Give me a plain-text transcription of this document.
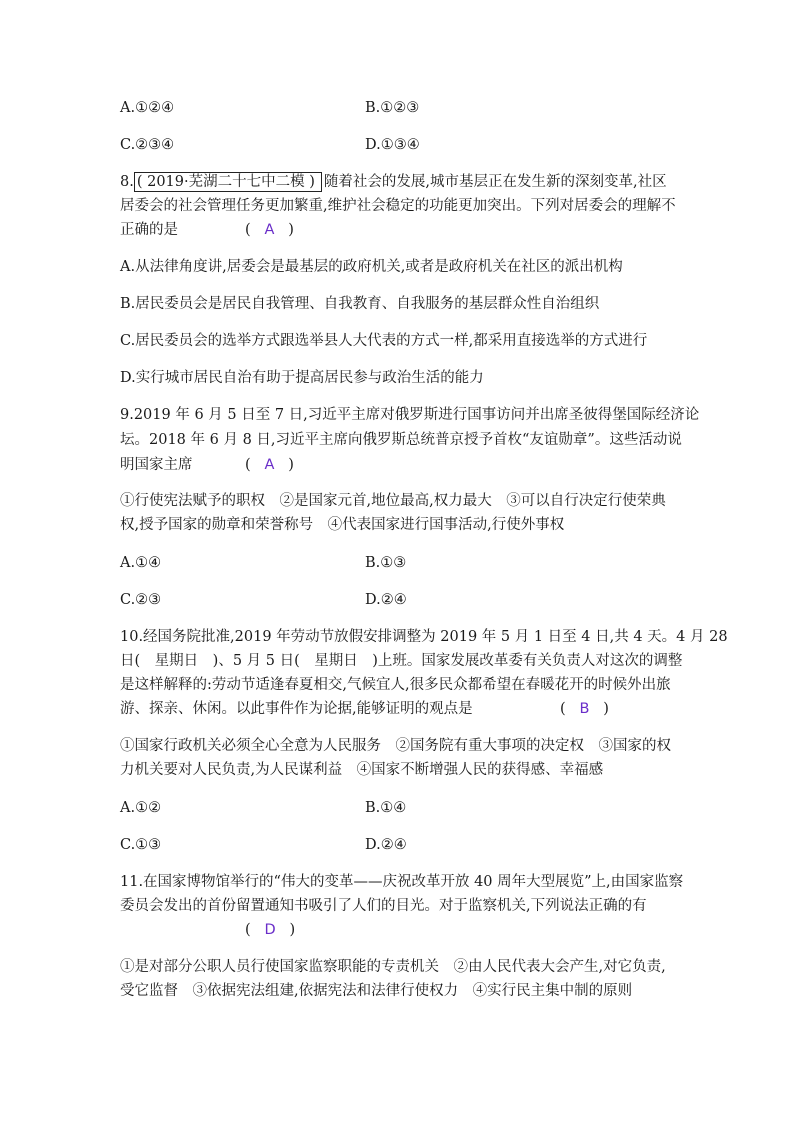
A.①②④	B.①②③
C.②③④	D.①③④
8. ( 2019·芜湖二十七中二模 ) 随着社会的发展,城市基层正在发生新的深刻变革,社区
居委会的社会管理任务更加繁重,维护社会稳定的功能更加突出。下列对居委会的理解不
正确的是	(   A   )
A.从法律角度讲,居委会是最基层的政府机关,或者是政府机关在社区的派出机构
B.居民委员会是居民自我管理、自我教育、自我服务的基层群众性自治组织
C.居民委员会的选举方式跟选举县人大代表的方式一样,都采用直接选举的方式进行
D.实行城市居民自治有助于提高居民参与政治生活的能力
9.2019 年 6 月 5 日至 7 日,习近平主席对俄罗斯进行国事访问并出席圣彼得堡国际经济论
坛。2018 年 6 月 8 日,习近平主席向俄罗斯总统普京授予首枚“友谊勋章”。这些活动说
明国家主席	(   A   )
①行使宪法赋予的职权　②是国家元首,地位最高,权力最大　③可以自行决定行使荣典
权,授予国家的勋章和荣誉称号　④代表国家进行国事活动,行使外事权
A.①④	B.①③
C.②③	D.②④
10.经国务院批准,2019 年劳动节放假安排调整为 2019 年 5 月 1 日至 4 日,共 4 天。4 月 28
日(　星期日　)、5 月 5 日(　星期日　)上班。国家发展改革委有关负责人对这次的调整
是这样解释的:劳动节适逢春夏相交,气候宜人,很多民众都希望在春暖花开的时候外出旅
游、探亲、休闲。以此事件作为论据,能够证明的观点是	(   B   )
①国家行政机关必须全心全意为人民服务　②国务院有重大事项的决定权　③国家的权
力机关要对人民负责,为人民谋利益　④国家不断增强人民的获得感、幸福感
A.①②	B.①④
C.①③	D.②④
11.在国家博物馆举行的“伟大的变革——庆祝改革开放 40 周年大型展览”上,由国家监察
委员会发出的首份留置通知书吸引了人们的目光。对于监察机关,下列说法正确的有
(   D   )
①是对部分公职人员行使国家监察职能的专责机关　②由人民代表大会产生,对它负责,
受它监督　③依据宪法组建,依据宪法和法律行使权力　④实行民主集中制的原则
